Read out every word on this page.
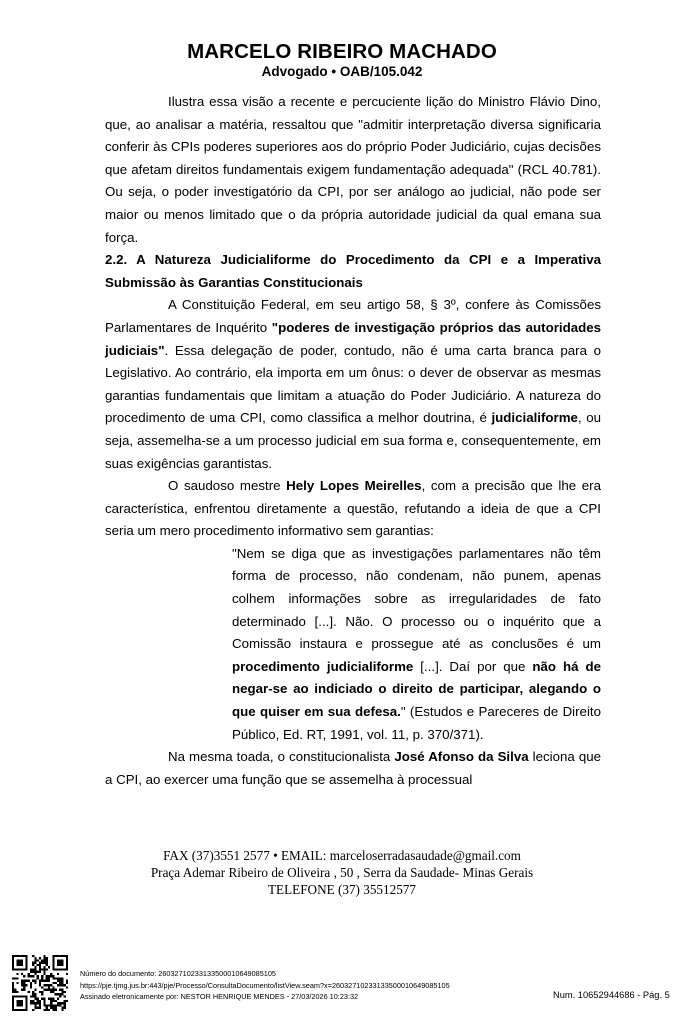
MARCELO RIBEIRO MACHADO
Advogado • OAB/105.042

Ilustra essa visão a recente e percuciente lição do Ministro Flávio Dino, que, ao analisar a matéria, ressaltou que "admitir interpretação diversa significaria conferir às CPIs poderes superiores aos do próprio Poder Judiciário, cujas decisões que afetam direitos fundamentais exigem fundamentação adequada" (RCL 40.781). Ou seja, o poder investigatório da CPI, por ser análogo ao judicial, não pode ser maior ou menos limitado que o da própria autoridade judicial da qual emana sua força.

2.2. A Natureza Judicialiforme do Procedimento da CPI e a Imperativa Submissão às Garantias Constitucionais

A Constituição Federal, em seu artigo 58, § 3º, confere às Comissões Parlamentares de Inquérito "poderes de investigação próprios das autoridades judiciais". Essa delegação de poder, contudo, não é uma carta branca para o Legislativo. Ao contrário, ela importa em um ônus: o dever de observar as mesmas garantias fundamentais que limitam a atuação do Poder Judiciário. A natureza do procedimento de uma CPI, como classifica a melhor doutrina, é judicialiforme, ou seja, assemelha-se a um processo judicial em sua forma e, consequentemente, em suas exigências garantistas.

O saudoso mestre Hely Lopes Meirelles, com a precisão que lhe era característica, enfrentou diretamente a questão, refutando a ideia de que a CPI seria um mero procedimento informativo sem garantias:

"Nem se diga que as investigações parlamentares não têm forma de processo, não condenam, não punem, apenas colhem informações sobre as irregularidades de fato determinado [...]. Não. O processo ou o inquérito que a Comissão instaura e prossegue até as conclusões é um procedimento judicialiforme [...]. Daí por que não há de negar-se ao indiciado o direito de participar, alegando o que quiser em sua defesa." (Estudos e Pareceres de Direito Público, Ed. RT, 1991, vol. 11, p. 370/371).

Na mesma toada, o constitucionalista José Afonso da Silva leciona que a CPI, ao exercer uma função que se assemelha à processual

FAX (37)3551 2577 • EMAIL: marceloserradasaudade@gmail.com
Praça Ademar Ribeiro de Oliveira , 50 , Serra da Saudade- Minas Gerais
TELEFONE (37) 35512577
Número do documento: 26032710233133500010649085105
https://pje.tjmg.jus.br:443/pje/Processo/ConsultaDocumento/listView.seam?x=26032710233133500010649085105
Assinado eletronicamente por: NESTOR HENRIQUE MENDES - 27/03/2026 10:23:32	Num. 10652944686 - Pág. 5
